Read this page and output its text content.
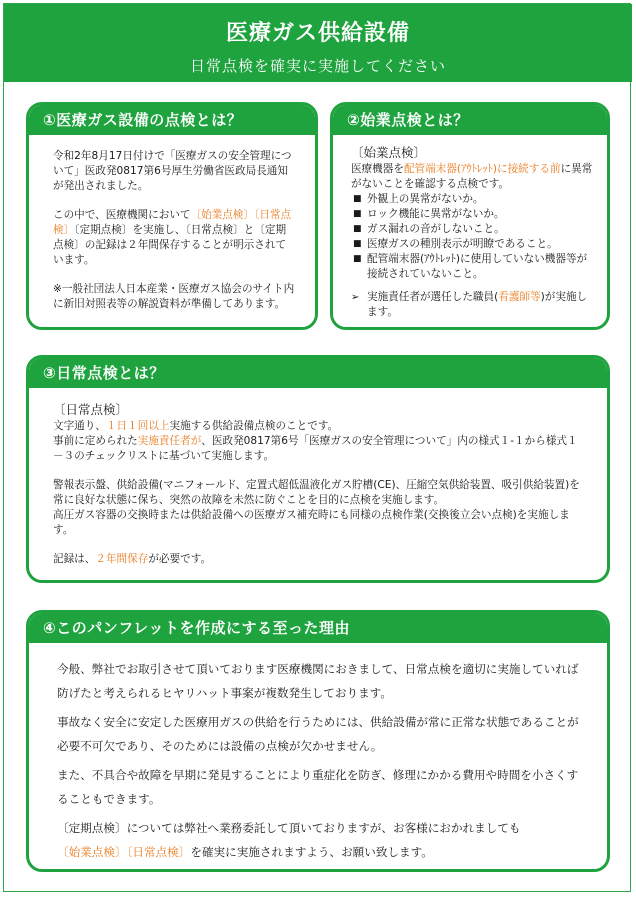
医療ガス供給設備
日常点検を確実に実施してください
①医療ガス設備の点検とは？

令和2年8月17日付けで「医療ガスの安全管理について」医政発0817第6号厚生労働省医政局長通知が発出されました。

この中で、医療機関において〔始業点検〕〔日常点検〕〔定期点検〕を実施し、〔日常点検〕と〔定期点検〕の記録は２年間保存することが明示されています。

※一般社団法人日本産業・医療ガス協会のサイト内に新旧対照表等の解説資料が準備してあります。

②始業点検とは？
〔始業点検〕

医療機器を配管端末器(ｱｳﾄﾚｯﾄ)に接続する前に異常がないことを確認する点検です。

■ 外観上の異常がないか。
■ ロック機能に異常がないか。
■ ガス漏れの音がしないこと。
■ 医療ガスの種別表示が明瞭であること。
■ 配管端末器(ｱｳﾄﾚｯﾄ)に使用していない機器等が接続されていないこと。

➢ 実施責任者が選任した職員(看護師等)が実施します。

③日常点検とは？
〔日常点検〕

文字通り、１日１回以上実施する供給設備点検のことです。

事前に定められた実施責任者が、医政発0817第6号「医療ガスの安全管理について」内の様式１-１から様式１－３のチェックリストに基づいて実施します。

警報表示盤、供給設備(マニフォールド、定置式超低温液化ガス貯槽(CE)、圧縮空気供給装置、吸引供給装置)を常に良好な状態に保ち、突然の故障を未然に防ぐことを目的に点検を実施します。

高圧ガス容器の交換時または供給設備への医療ガス補充時にも同様の点検作業(交換後立会い点検)を実施します。

記録は、２年間保存が必要です。

④このパンフレットを作成にする至った理由

今般、弊社でお取引させて頂いております医療機関におきまして、日常点検を適切に実施していれば防げたと考えられるヒヤリハット事案が複数発生しております。

事故なく安全に安定した医療用ガスの供給を行うためには、供給設備が常に正常な状態であることが必要不可欠であり、そのためには設備の点検が欠かせません。

また、不具合や故障を早期に発見することにより重症化を防ぎ、修理にかかる費用や時間を小さくすることもできます。

〔定期点検〕については弊社へ業務委託して頂いておりますが、お客様におかれましても〔始業点検〕〔日常点検〕を確実に実施されますよう、お願い致します。
